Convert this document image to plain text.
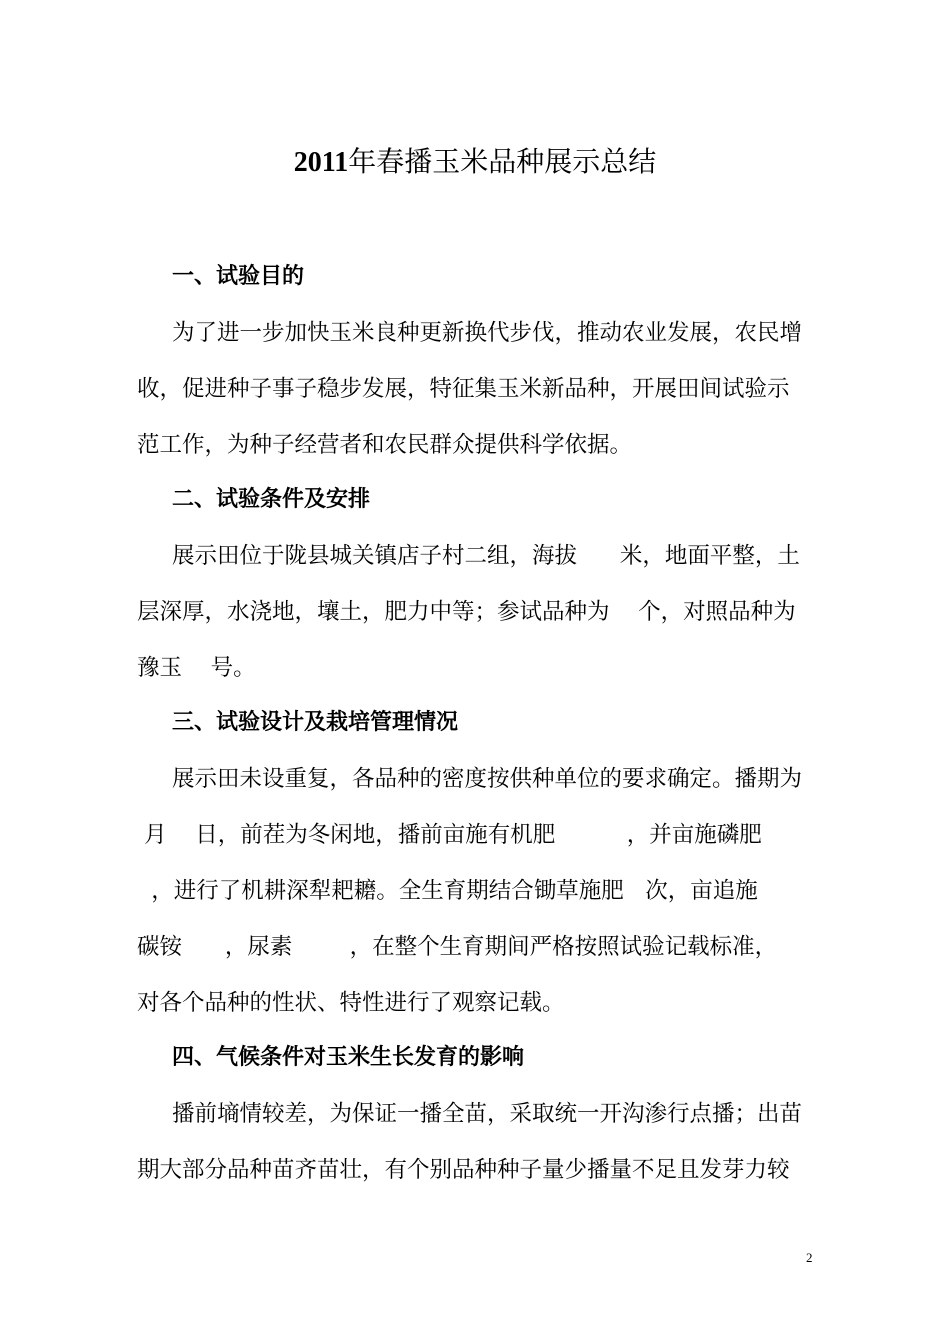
2011年春播玉米品种展示总结
一、试验目的
为了进一步加快玉米良种更新换代步伐，推动农业发展，农民增
收，促进种子事子稳步发展，特征集玉米新品种，开展田间试验示
范工作，为种子经营者和农民群众提供科学依据。
二、试验条件及安排
展示田位于陇县城关镇店子村二组，海拔      米，地面平整，土
层深厚，水浇地，壤土，肥力中等；参试品种为    个，对照品种为
豫玉    号。
三、试验设计及栽培管理情况
展示田未设重复，各品种的密度按供种单位的要求确定。播期为
月    日，前茬为冬闲地，播前亩施有机肥          ，并亩施磷肥
，进行了机耕深犁耙耱。全生育期结合锄草施肥   次，亩追施
碳铵      ，尿素        ，在整个生育期间严格按照试验记载标准，
对各个品种的性状、特性进行了观察记载。
四、气候条件对玉米生长发育的影响
播前墒情较差，为保证一播全苗，采取统一开沟渗行点播；出苗
期大部分品种苗齐苗壮，有个别品种种子量少播量不足且发芽力较
2
